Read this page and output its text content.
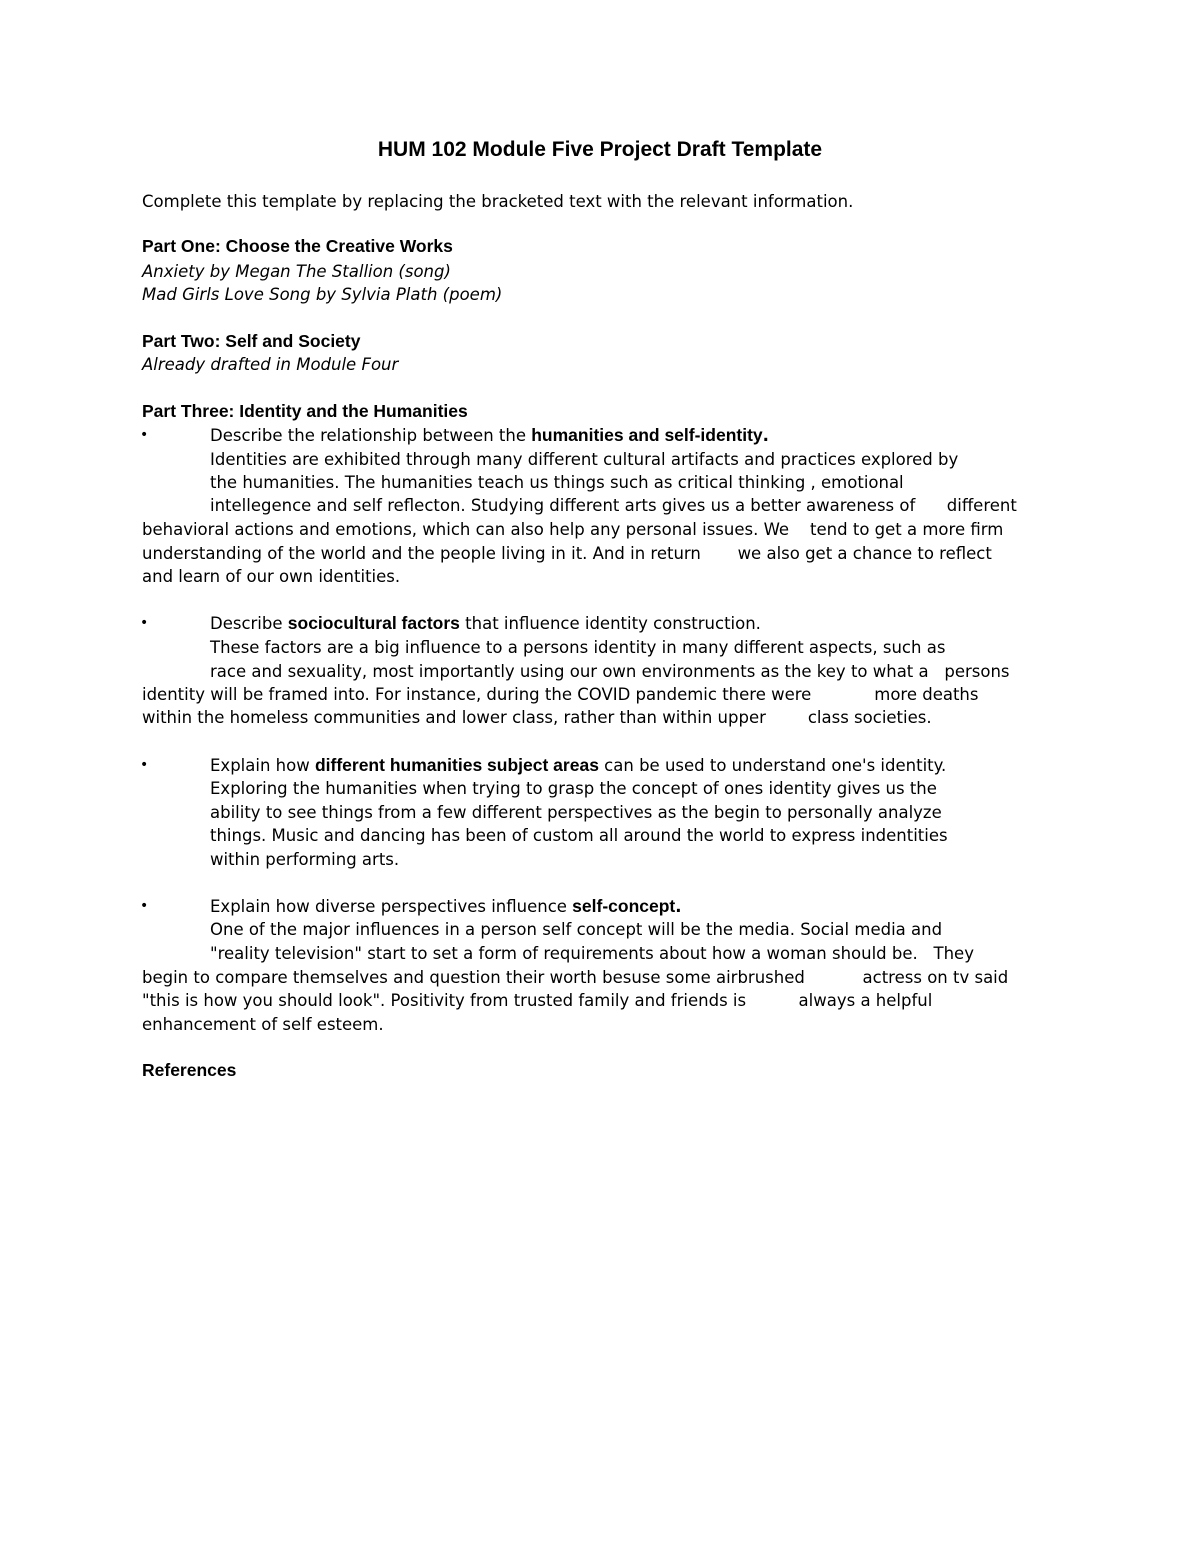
HUM 102 Module Five Project Draft Template
Complete this template by replacing the bracketed text with the relevant information.
Part One: Choose the Creative Works
Anxiety by Megan The Stallion (song)
Mad Girls Love Song by Sylvia Plath (poem)
Part Two: Self and Society
Already drafted in Module Four
Part Three: Identity and the Humanities
•	Describe the relationship between the humanities and self-identity.
Identities are exhibited through many different cultural artifacts and practices explored by
the humanities. The humanities teach us things such as critical thinking , emotional
intellegence and self reflecton. Studying different arts gives us a better awareness of      different
behavioral actions and emotions, which can also help any personal issues. We    tend to get a more firm
understanding of the world and the people living in it. And in return       we also get a chance to reflect
and learn of our own identities.
•	Describe sociocultural factors that influence identity construction.
These factors are a big influence to a persons identity in many different aspects, such as
race and sexuality, most importantly using our own environments as the key to what a   persons
identity will be framed into. For instance, during the COVID pandemic there were            more deaths
within the homeless communities and lower class, rather than within upper        class societies.
•	Explain how different humanities subject areas can be used to understand one's identity.
Exploring the humanities when trying to grasp the concept of ones identity gives us the
ability to see things from a few different perspectives as the begin to personally analyze
things. Music and dancing has been of custom all around the world to express indentities
within performing arts.
•	Explain how diverse perspectives influence self-concept.
One of the major influences in a person self concept will be the media. Social media and
"reality television" start to set a form of requirements about how a woman should be.   They
begin to compare themselves and question their worth besuse some airbrushed           actress on tv said
"this is how you should look". Positivity from trusted family and friends is          always a helpful
enhancement of self esteem.
References
